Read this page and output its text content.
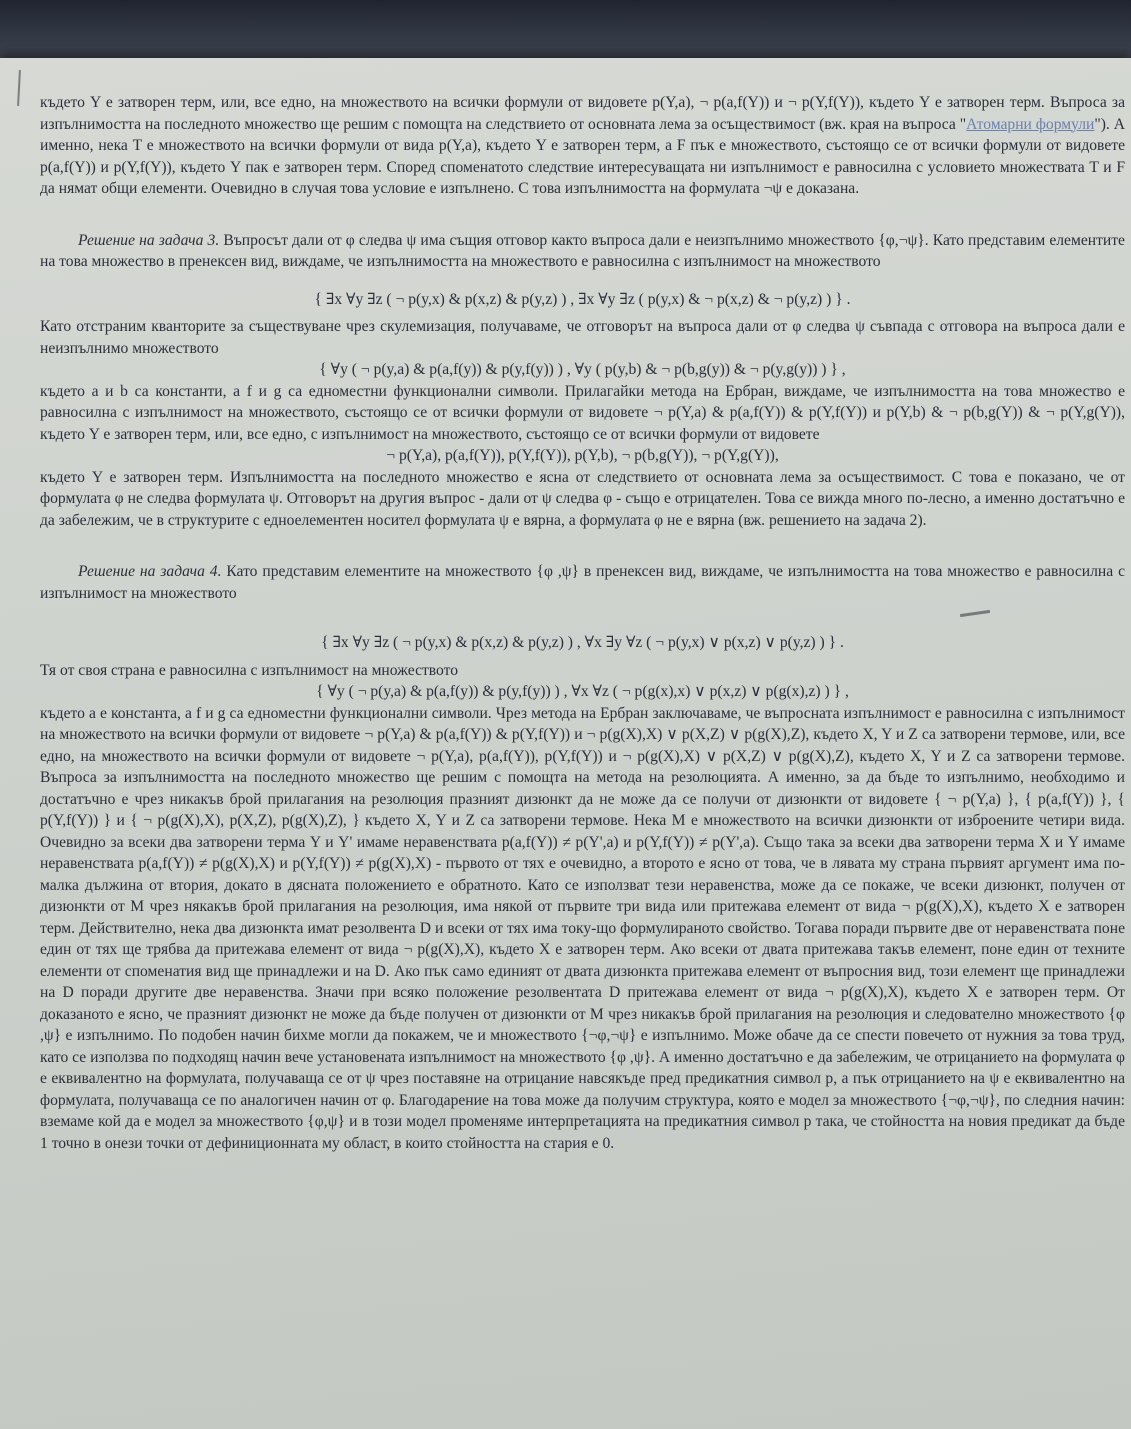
където Y е затворен терм, или, все едно, на множеството на всички формули от видовете p(Y,a), ¬ p(a,f(Y)) и ¬ p(Y,f(Y)), където Y е затворен терм. Въпроса за изпълнимостта на последното множество ще решим с помощта на следствието от основната лема за осъществимост (вж. края на въпроса "Атомарни формули"). А именно, нека T е множеството на всички формули от вида p(Y,a), където Y е затворен терм, а F пък е множеството, състоящо се от всички формули от видовете p(a,f(Y)) и p(Y,f(Y)), където Y пак е затворен терм. Според споменатото следствие интересуващата ни изпълнимост е равносилна с условието множествата T и F да нямат общи елементи. Очевидно в случая това условие е изпълнено. С това изпълнимостта на формулата ¬ψ е доказана.

Решение на задача 3. Въпросът дали от φ следва ψ има същия отговор както въпроса дали е неизпълнимо множеството {φ,¬ψ}. Като представим елементите на това множество в пренексен вид, виждаме, че изпълнимостта на множеството е равносилна с изпълнимост на множеството

{ ∃x ∀y ∃z ( ¬ p(y,x) & p(x,z) & p(y,z) ) , ∃x ∀y ∃z ( p(y,x) & ¬ p(x,z) & ¬ p(y,z) ) } .

Като отстраним кванторите за съществуване чрез скулемизация, получаваме, че отговорът на въпроса дали от φ следва ψ съвпада с отговора на въпроса дали е неизпълнимо множеството

{ ∀y ( ¬ p(y,a) & p(a,f(y)) & p(y,f(y)) ) , ∀y ( p(y,b) & ¬ p(b,g(y)) & ¬ p(y,g(y)) ) } ,

където a и b са константи, а f и g са едноместни функционални символи. Прилагайки метода на Ербран, виждаме, че изпълнимостта на това множество е равносилна с изпълнимост на множеството, състоящо се от всички формули от видовете ¬ p(Y,a) & p(a,f(Y)) & p(Y,f(Y)) и p(Y,b) & ¬ p(b,g(Y)) & ¬ p(Y,g(Y)), където Y е затворен терм, или, все едно, с изпълнимост на множеството, състоящо се от всички формули от видовете

¬ p(Y,a), p(a,f(Y)), p(Y,f(Y)), p(Y,b), ¬ p(b,g(Y)), ¬ p(Y,g(Y)),

където Y е затворен терм. Изпълнимостта на последното множество е ясна от следствието от основната лема за осъществимост. С това е показано, че от формулата φ не следва формулата ψ. Отговорът на другия въпрос - дали от ψ следва φ - също е отрицателен. Това се вижда много по-лесно, а именно достатъчно е да забележим, че в структурите с едноелементен носител формулата ψ е вярна, а формулата φ не е вярна (вж. решението на задача 2).

Решение на задача 4. Като представим елементите на множеството {φ ,ψ} в пренексен вид, виждаме, че изпълнимостта на това множество е равносилна с изпълнимост на множеството

{ ∃x ∀y ∃z ( ¬ p(y,x) & p(x,z) & p(y,z) ) , ∀x ∃y ∀z ( ¬ p(y,x) ∨ p(x,z) ∨ p(y,z) ) } .

Тя от своя страна е равносилна с изпълнимост на множеството

{ ∀y ( ¬ p(y,a) & p(a,f(y)) & p(y,f(y)) ) , ∀x ∀z ( ¬ p(g(x),x) ∨ p(x,z) ∨ p(g(x),z) ) } ,

където a е константа, а f и g са едноместни функционални символи. Чрез метода на Ербран заключаваме, че въпросната изпълнимост е равносилна с изпълнимост на множеството на всички формули от видовете ¬ p(Y,a) & p(a,f(Y)) & p(Y,f(Y)) и ¬ p(g(X),X) ∨ p(X,Z) ∨ p(g(X),Z), където X, Y и Z са затворени термове, или, все едно, на множеството на всички формули от видовете ¬ p(Y,a), p(a,f(Y)), p(Y,f(Y)) и ¬ p(g(X),X) ∨ p(X,Z) ∨ p(g(X),Z), където X, Y и Z са затворени термове. Въпроса за изпълнимостта на последното множество ще решим с помощта на метода на резолюцията. А именно, за да бъде то изпълнимо, необходимо и достатъчно е чрез никакъв брой прилагания на резолюция празният дизюнкт да не може да се получи от дизюнкти от видовете { ¬ p(Y,a) }, { p(a,f(Y)) }, { p(Y,f(Y)) } и { ¬ p(g(X),X), p(X,Z), p(g(X),Z), } където X, Y и Z са затворени термове. Нека M е множеството на всички дизюнкти от изброените четири вида. Очевидно за всеки два затворени терма Y и Y' имаме неравенствата p(a,f(Y)) ≠ p(Y',a) и p(Y,f(Y)) ≠ p(Y',a). Също така за всеки два затворени терма X и Y имаме неравенствата p(a,f(Y)) ≠ p(g(X),X) и p(Y,f(Y)) ≠ p(g(X),X) - първото от тях е очевидно, а второто е ясно от това, че в лявата му страна първият аргумент има по-малка дължина от втория, докато в дясната положението е обратното. Като се използват тези неравенства, може да се покаже, че всеки дизюнкт, получен от дизюнкти от M чрез някакъв брой прилагания на резолюция, има някой от първите три вида или притежава елемент от вида ¬ p(g(X),X), където X е затворен терм. Действително, нека два дизюнкта имат резолвента D и всеки от тях има току-що формулираното свойство. Тогава поради първите две от неравенствата поне един от тях ще трябва да притежава елемент от вида ¬ p(g(X),X), където X е затворен терм. Ако всеки от двата притежава такъв елемент, поне един от техните елементи от споменатия вид ще принадлежи и на D. Ако пък само единият от двата дизюнкта притежава елемент от въпросния вид, този елемент ще принадлежи на D поради другите две неравенства. Значи при всяко положение резолвентата D притежава елемент от вида ¬ p(g(X),X), където X е затворен терм. От доказаното е ясно, че празният дизюнкт не може да бъде получен от дизюнкти от M чрез никакъв брой прилагания на резолюция и следователно множеството {φ ,ψ} е изпълнимо. По подобен начин бихме могли да покажем, че и множеството {¬φ,¬ψ} е изпълнимо. Може обаче да се спести повечето от нужния за това труд, като се използва по подходящ начин вече установената изпълнимост на множеството {φ ,ψ}. А именно достатъчно е да забележим, че отрицанието на формулата φ е еквивалентно на формулата, получаваща се от ψ чрез поставяне на отрицание навсякъде пред предикатния символ p, а пък отрицанието на ψ е еквивалентно на формулата, получаваща се по аналогичен начин от φ. Благодарение на това може да получим структура, която е модел за множеството {¬φ,¬ψ}, по следния начин: вземаме кой да е модел за множеството {φ,ψ} и в този модел променяме интерпретацията на предикатния символ p така, че стойността на новия предикат да бъде 1 точно в онези точки от дефиниционната му област, в които стойността на стария е 0.
